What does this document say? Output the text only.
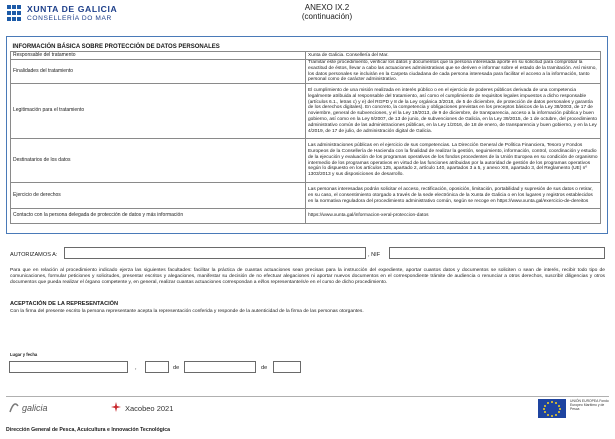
XUNTA DE GALICIA
CONSELLERÍA DO MAR
ANEXO IX.2
(continuación)
INFORMACIÓN BÁSICA SOBRE PROTECCIÓN DE DATOS PERSONALES	
Responsable del tratamento	Xunta de Galicia. Consellería del Mar.
Finalidades del tratamiento	Tramitar este procedimiento, verificar los datos y documentos que la persona interesada aporte en su solicitud para comprobar la exactitud de éstos, llevar a cabo las actuaciones administrativas que se deriven e informar sobre el estado de la tramitación. Así mismo, los datos personales se incluirán en la Carpeta ciudadana de cada persona interesada para facilitar el acceso a la información, tanto personal como de carácter administrativo.
Legitimación para el tratamiento	El cumplimiento de una misión realizada en interés público o en el ejercicio de poderes públicos derivada de una competencia legalmente atribuida al responsable del tratamiento, así como el cumplimiento de requisitos legales impuestos a dicho responsable (artículos 6.1., letras c) y e) del RGPD y 8 de la Ley orgánica 3/2018, de 5 de diciembre, de protección de datos personales y garantía de los derechos digitales). En concreto, la competencia y obligaciones previstas en los preceptos básicos de la Ley 38/2003, de 17 de noviembre, general de subvenciones, y el la Ley 19/2013, de 9 de diciembre, de transparencia, acceso a la información pública y buen gobierno, así como en la Ley 9/2007, de 13 de junio, de subvenciones de Galicia, en la Ley 39/2015, de 1 de octubre, del procedimiento administrativo común de las administraciones públicas, en la Ley 1/2016, de 18 de enero, de transparencia y buen gobierno, y en la Ley 4/2019, de 17 de julio, de administración digital de Galicia.
Destinatarios de los datos	Las administraciones públicas en el ejercicio de sus competencias. La Dirección General de Política Financiera, Tesoro y Fondos Europeos de la Consellería de Hacienda con la finalidad de realizar la gestión, seguimiento, información, control, coordinación y estudio de la ejecución y evaluación de los programas operativos de los fondos procedentes de la Unión Europea en su condición de organismo intermedio de los programas operativos en virtud de las funciones atribuidas por la autoridad de gestión de los programas operativos según lo dispuesto en los artículos 125, apartado 2, artículo 140, apartados 3 a 5, y anexo XIII, apartado 3, del Reglamento (UE) nº 1303/2013 y sus disposiciones de desarrollo.
Ejercicio de derechos	Las personas interesadas podrán solicitar el acceso, rectificación, oposición, limitación, portabilidad y supresión de sus datos o retirar, en su caso, el consentimiento otorgado a través de la sede electrónica de la Xunta de Galicia o en los lugares y registros establecidos en la normativa reguladora del procedimiento administrativo común, según se recoge en https://www.xunta.gal/exercicio-de-dereitos
Contacto con la persona delegada de protección de datos y más información	https://www.xunta.gal/informacion-xeral-proteccion-datos
AUTORIZAMOS A:	, NIF
Para que en relación al procedimiento indicado ejerza las siguientes facultades: facilitar la práctica de cuantas actuaciones sean precisas para la instrucción del expediente, aportar cuantos datos y documentos se soliciten o sean de interés, recibir todo tipo de comunicaciones, formular peticiones y solicitudes, presentar escritos y alegaciones, manifestar su decisión de no efectuar alegaciones ni aportar nuevos documentos en el correspondiente trámite de audiencia o renunciar a otros derechos, suscribir diligencias y otros documentos que pueda realizar el órgano competente y, en general, realizar cuantas actuaciones correspondan a el/los representante/s/e en el curso de dicho procedimiento.
ACEPTACIÓN DE LA REPRESENTACIÓN
Con la firma del presente escrito la persona representante acepta la representación conferida y responde de la autenticidad de la firma de las personas otorgantes.
Lugar y fecha
,	de	de
galicia	Xacobeo 2021
UNIÓN EUROPEA Fondo Europeo Marítimo y de Pesca
Dirección General de Pesca, Acuicultura e Innovación Tecnológica
